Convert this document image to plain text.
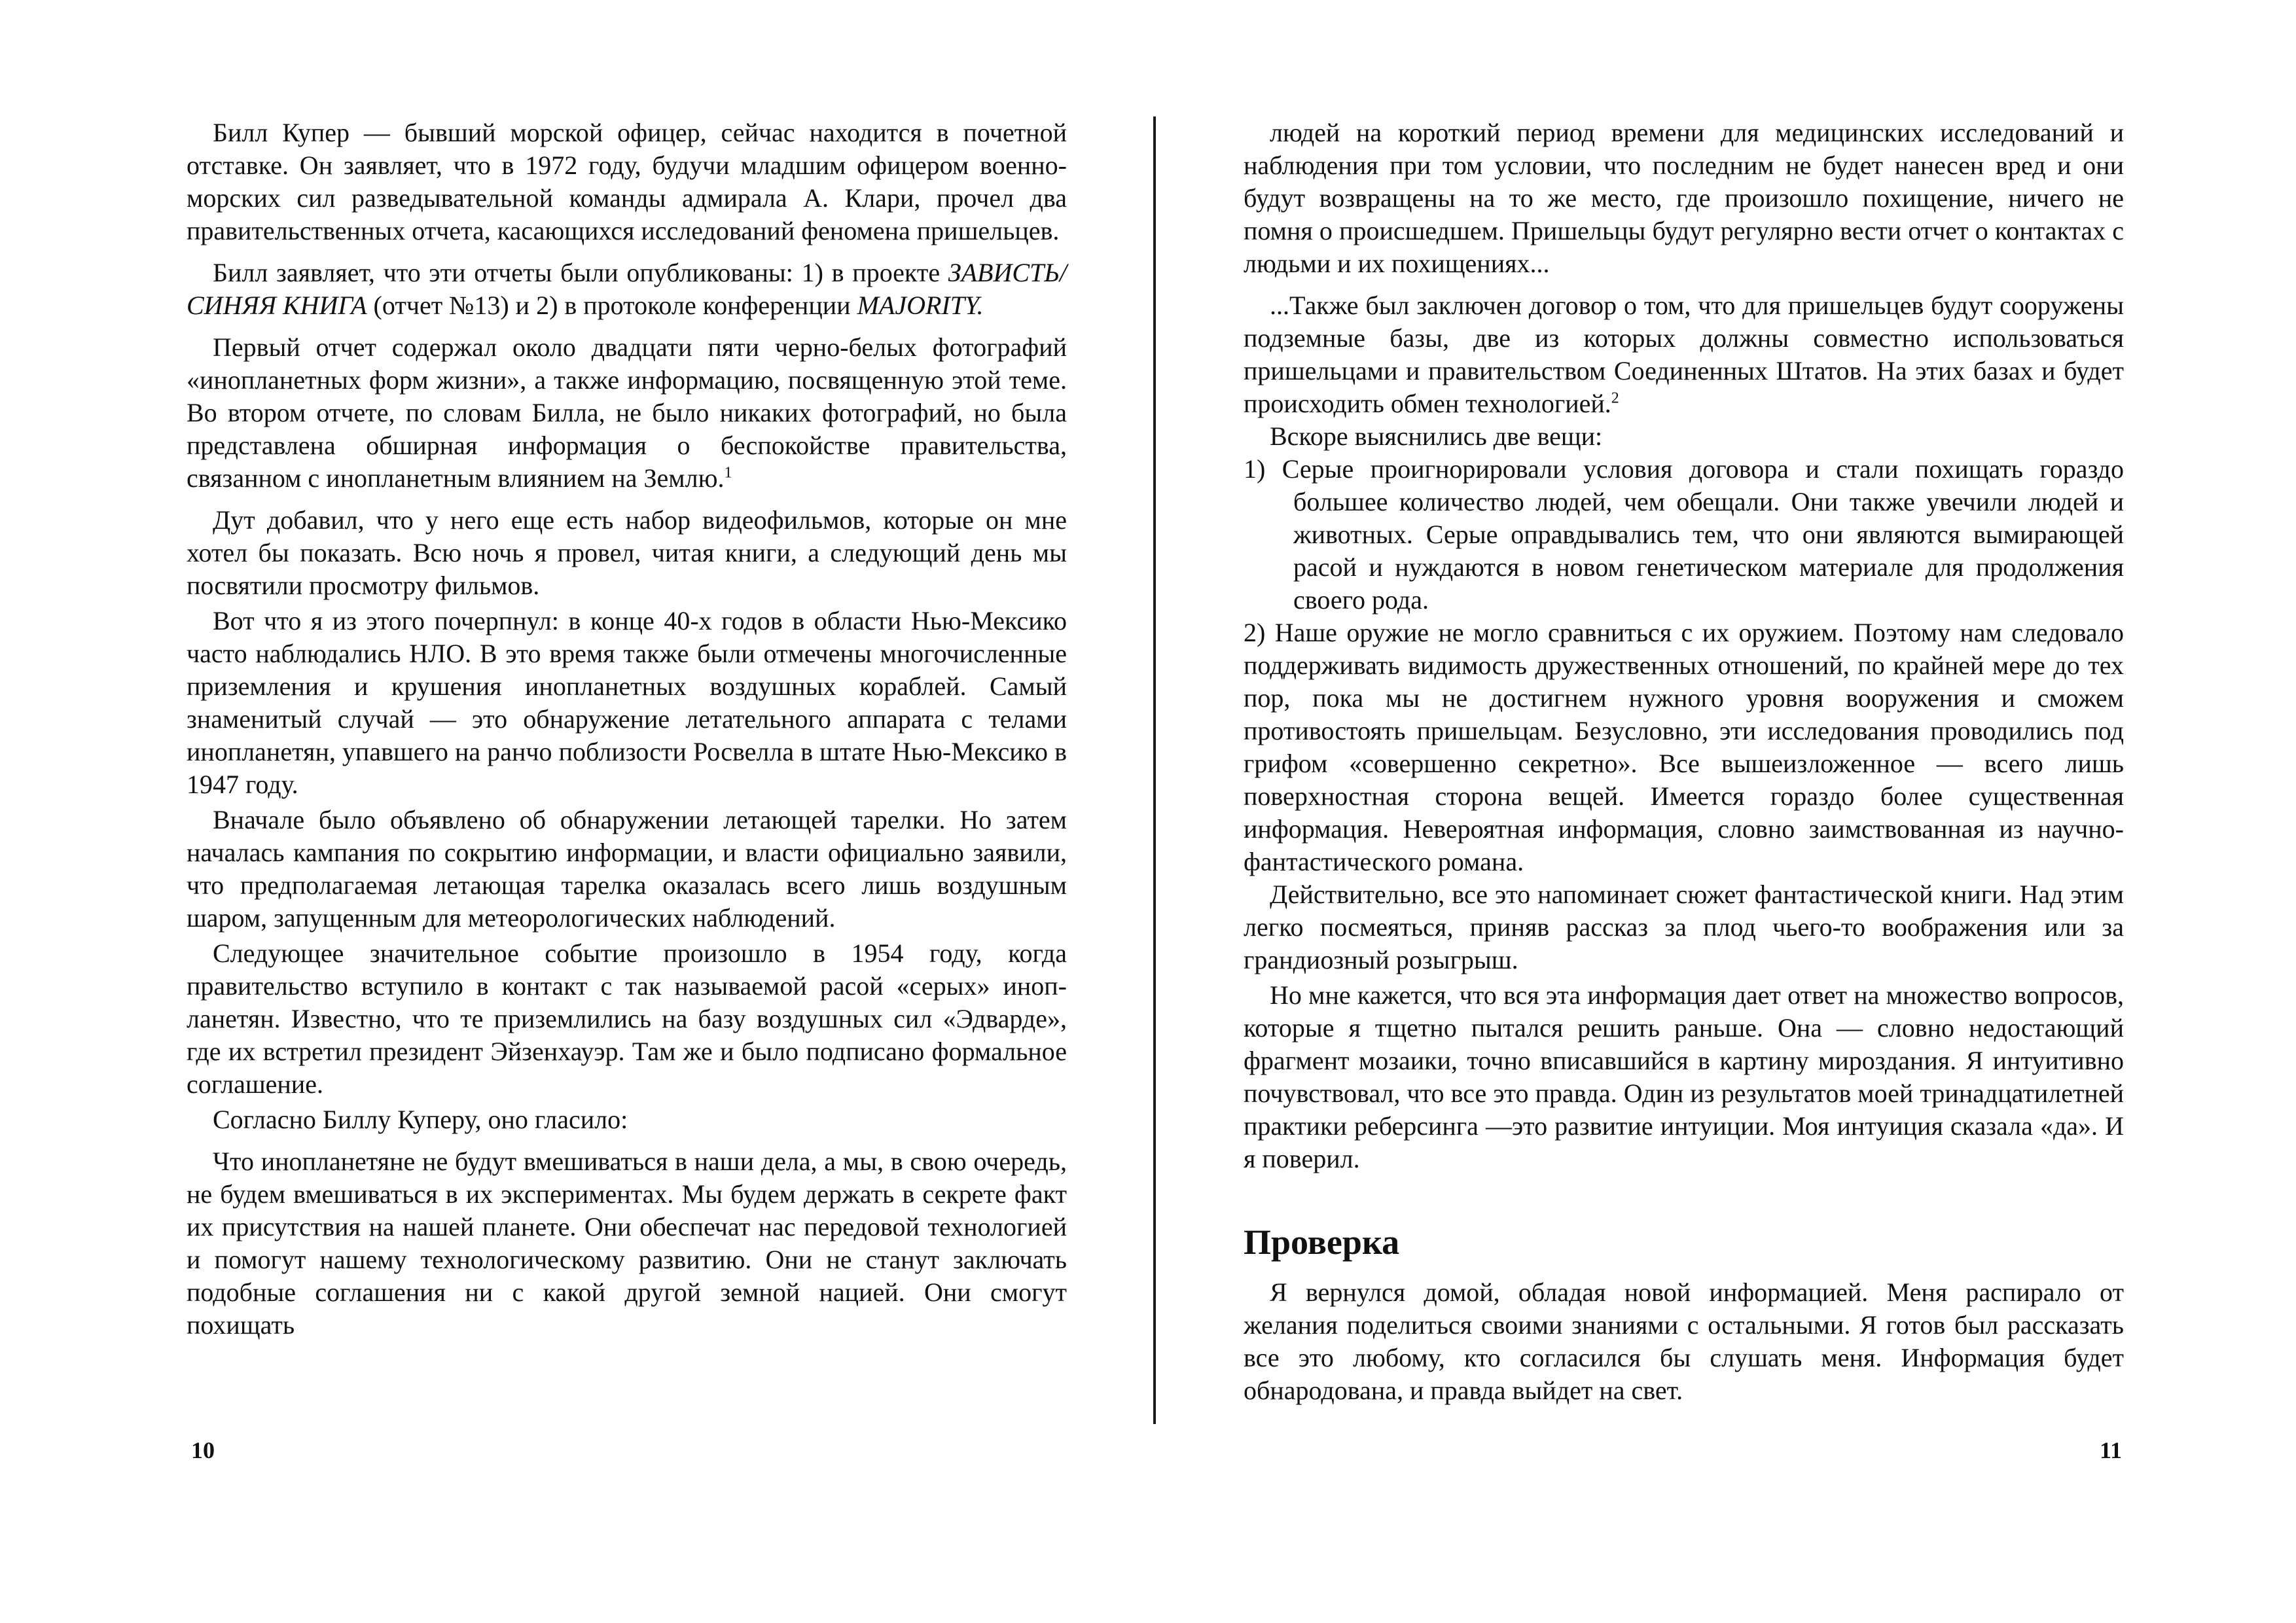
Билл Купер — бывший морской офицер, сейчас находится в почетной отставке. Он заявляет, что в 1972 году, будучи младшим офицером военно-морских сил разведывательной команды адмирала А. Клари, прочел два правительственных отчета, касающихся исследований феномена пришельцев.

Билл заявляет, что эти отчеты были опубликованы: 1) в проекте ЗАВИСТЬ/СИНЯЯ КНИГА (отчет №13) и 2) в протоколе конференции MAJORITY.

Первый отчет содержал около двадцати пяти черно-белых фотографий «инопланетных форм жизни», а также информацию, посвященную этой теме. Во втором отчете, по словам Билла, не было никаких фотографий, но была представлена обширная информация о беспокойстве правительства, связанном с инопланетным влиянием на Землю.$^1$

Дут добавил, что у него еще есть набор видеофильмов, которые он мне хотел бы показать. Всю ночь я провел, читая книги, а следующий день мы посвятили просмотру фильмов.

Вот что я из этого почерпнул: в конце 40-х годов в области Нью-Мексико часто наблюдались НЛО. В это время также были отмечены многочисленные приземления и крушения инопланетных воздушных кораблей. Самый знаменитый случай — это обнаружение летательного аппарата с телами инопланетян, упавшего на ранчо поблизости Росвелла в штате Нью-Мексико в 1947 году.

Вначале было объявлено об обнаружении летающей тарелки. Но затем началась кампания по сокрытию информации, и власти официально заявили, что предполагаемая летающая тарелка оказалась всего лишь воздушным шаром, запущенным для метеорологических наблюдений.

Следующее значительное событие произошло в 1954 году, когда правительство вступило в контакт с так называемой расой «серых» инопланетян. Известно, что те приземлились на базу воздушных сил «Эдварде», где их встретил президент Эйзенхауэр. Там же и было подписано формальное соглашение.

Согласно Биллу Куперу, оно гласило:

Что инопланетяне не будут вмешиваться в наши дела, а мы, в свою очередь, не будем вмешиваться в их экспериментах. Мы будем держать в секрете факт их присутствия на нашей планете. Они обеспечат нас передовой технологией и помогут нашему технологическому развитию. Они не станут заключать подобные соглашения ни с какой другой земной нацией. Они смогут похищать

людей на короткий период времени для медицинских исследований и наблюдения при том условии, что последним не будет нанесен вред и они будут возвращены на то же место, где произошло похищение, ничего не помня о происшедшем. Пришельцы будут регулярно вести отчет о контактах с людьми и их похищениях...

...Также был заключен договор о том, что для пришельцев будут сооружены подземные базы, две из которых должны совместно использоваться пришельцами и правительством Соединенных Штатов. На этих базах и будет происходить обмен технологией.$^2$

Вскоре выяснились две вещи:

1) Серые проигнорировали условия договора и стали похищать гораздо большее количество людей, чем обещали. Они также увечили людей и животных. Серые оправдывались тем, что они являются вымирающей расой и нуждаются в новом генетическом материале для продолжения своего рода.

2) Наше оружие не могло сравниться с их оружием. Поэтому нам следовало поддерживать видимость дружественных отношений, по крайней мере до тех пор, пока мы не достигнем нужного уровня вооружения и сможем противостоять пришельцам. Безусловно, эти исследования проводились под грифом «совершенно секретно». Все вышеизложенное — всего лишь поверхностная сторона вещей. Имеется гораздо более существенная информация. Невероятная информация, словно заимствованная из научно-фантастического романа.

Действительно, все это напоминает сюжет фантастической книги. Над этим легко посмеяться, приняв рассказ за плод чьего-то воображения или за грандиозный розыгрыш.

Но мне кажется, что вся эта информация дает ответ на множество вопросов, которые я тщетно пытался решить раньше. Она — словно недостающий фрагмент мозаики, точно вписавшийся в картину мироздания. Я интуитивно почувствовал, что все это правда. Один из результатов моей тринадцатилетней практики реберсинга —это развитие интуиции. Моя интуиция сказала «да». И я поверил.

Проверка

Я вернулся домой, обладая новой информацией. Меня распирало от желания поделиться своими знаниями с остальными. Я готов был рассказать все это любому, кто согласился бы слушать меня. Информация будет обнародована, и правда выйдет на свет.

10	11
